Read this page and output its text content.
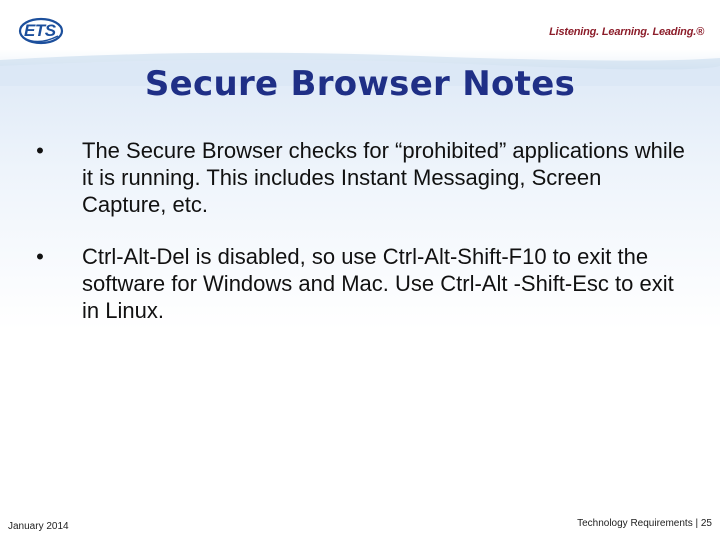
ETS	Listening. Learning. Leading.®
Secure Browser Notes
• The Secure Browser checks for “prohibited” applications while it is running. This includes Instant Messaging, Screen Capture, etc.
• Ctrl-Alt-Del is disabled, so use Ctrl-Alt-Shift-F10 to exit the software for Windows and Mac. Use Ctrl-Alt -Shift-Esc to exit in Linux.
January 2014	Technology Requirements | 25
